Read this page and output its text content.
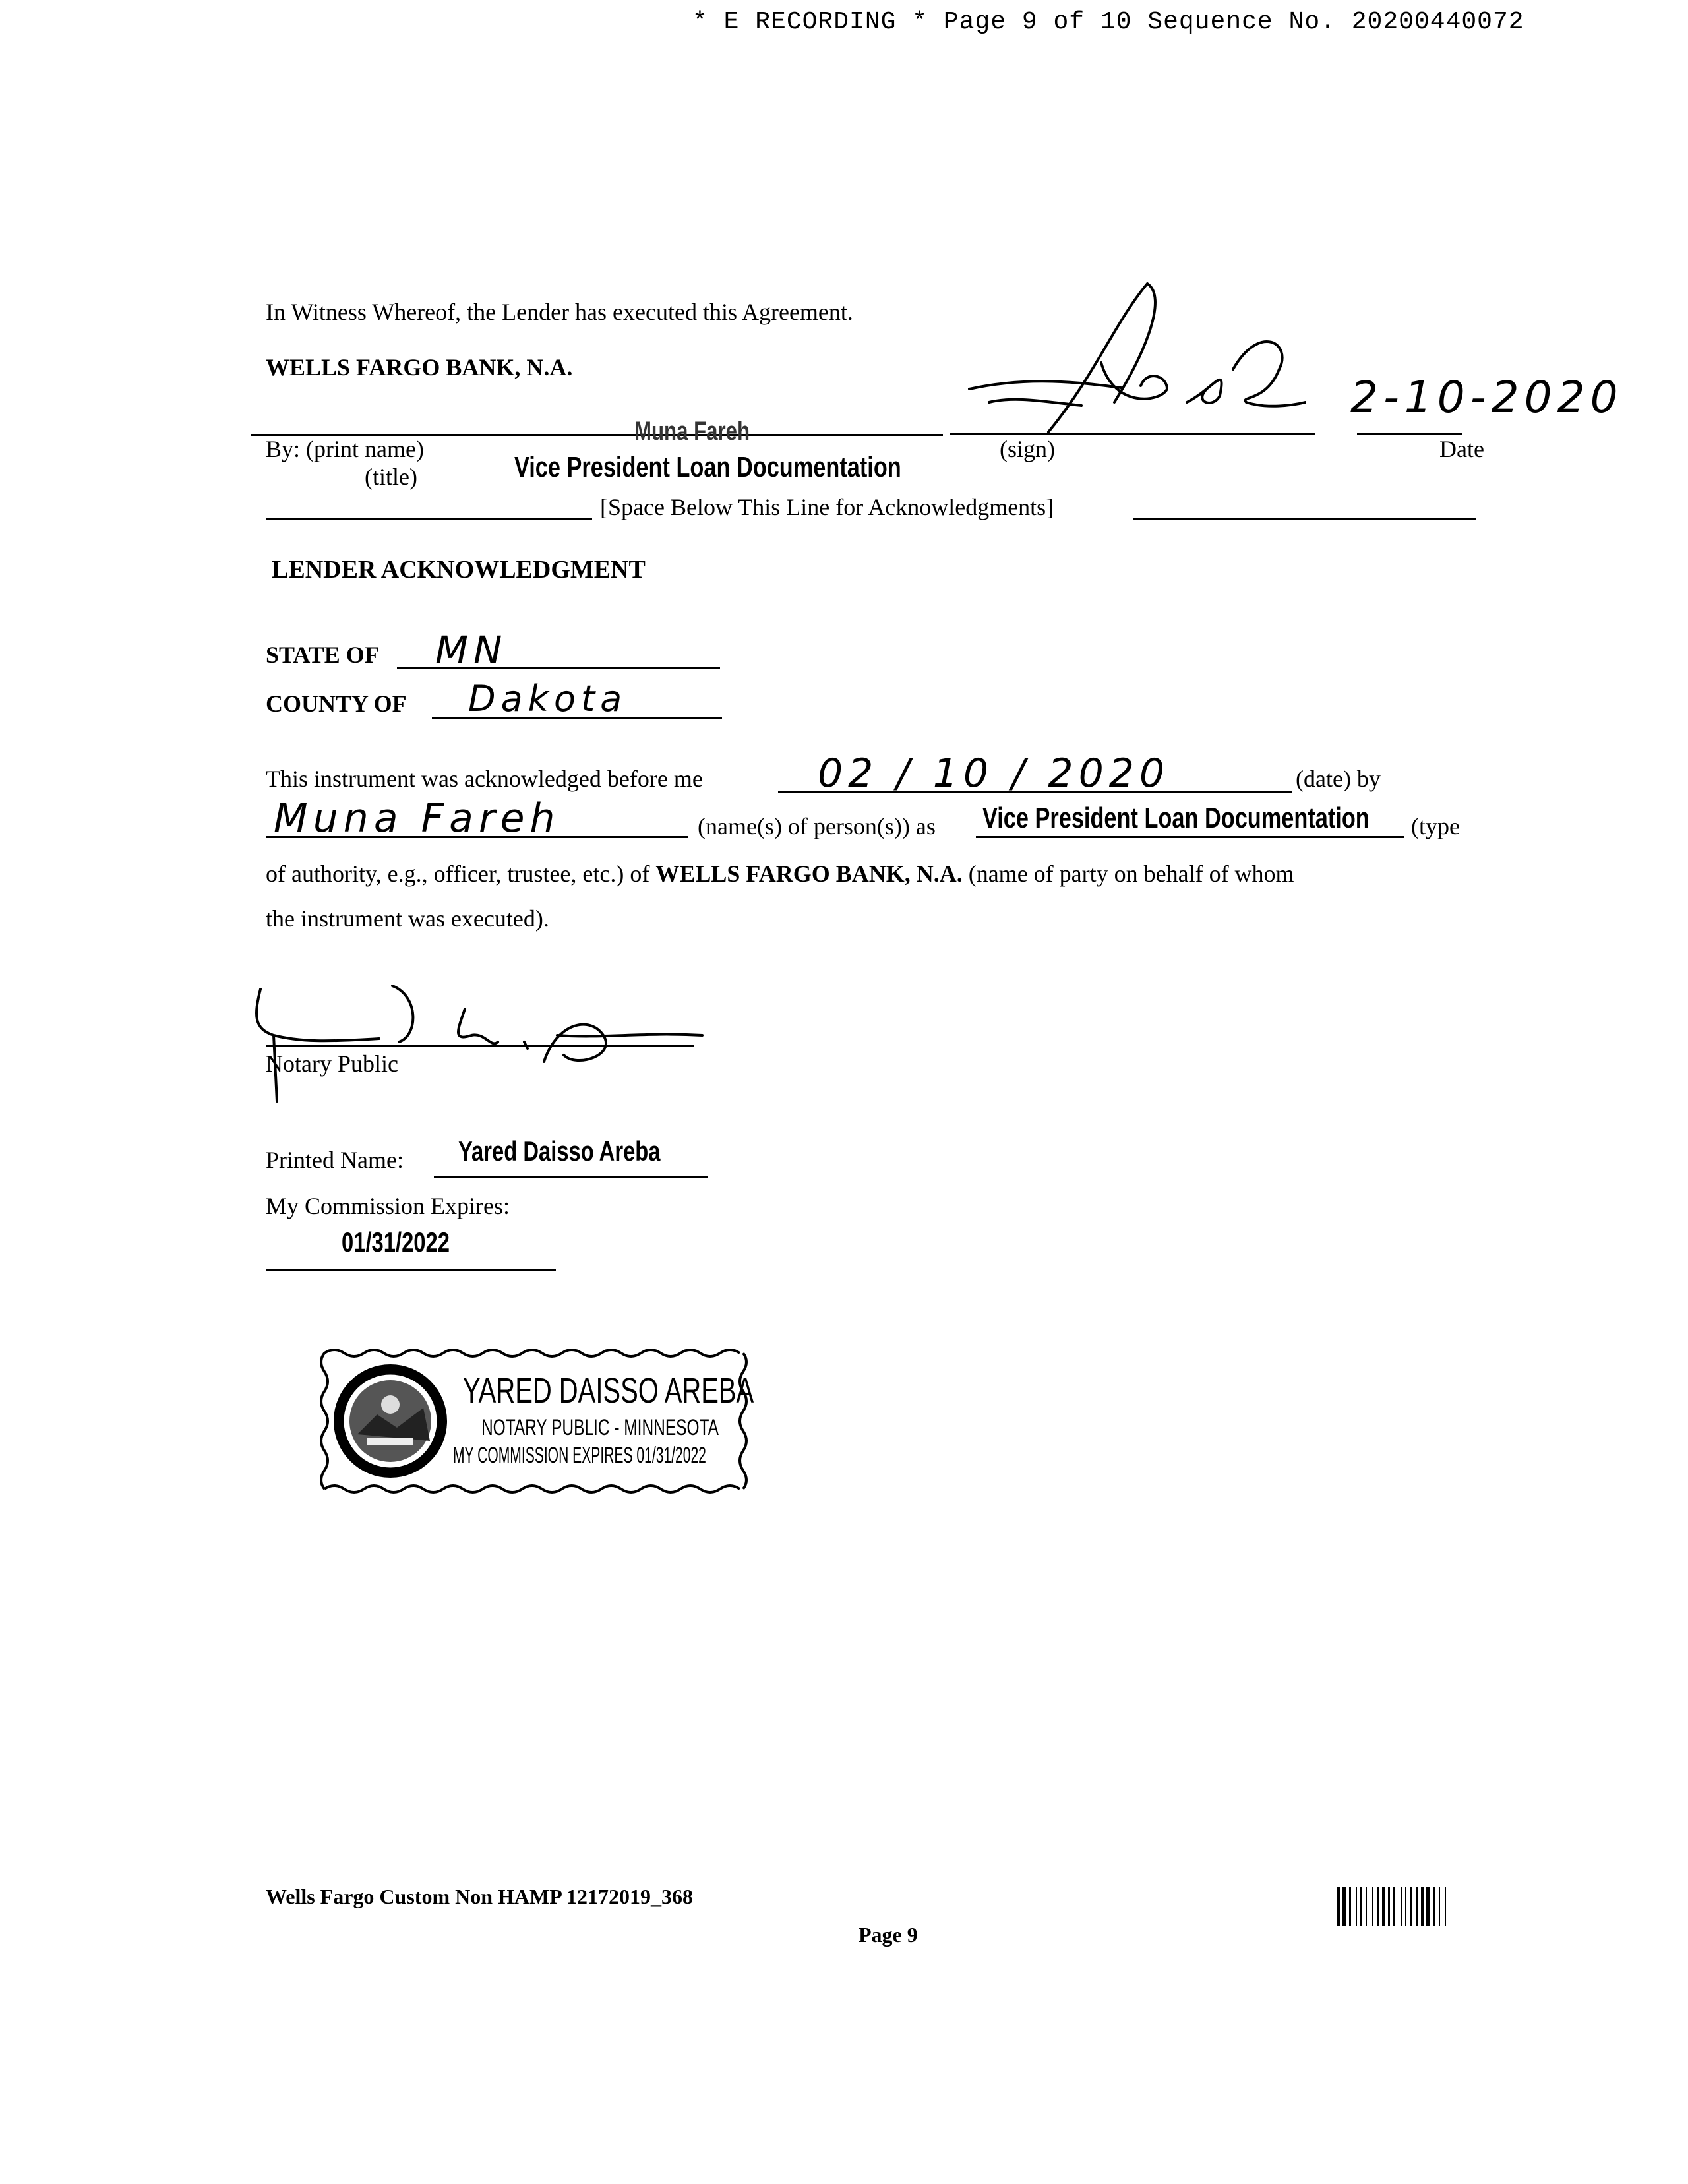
* E RECORDING * Page 9 of 10 Sequence No. 20200440072
In Witness Whereof, the Lender has executed this Agreement.
WELLS FARGO BANK, N.A.
Muna Fareh
By: (print name)
(title)	Vice President Loan Documentation
(sign)
2-10-2020
Date
[Space Below This Line for Acknowledgments]
LENDER ACKNOWLEDGMENT
STATE OF MN
COUNTY OF Dakota
This instrument was acknowledged before me	02 / 10 / 2020	(date) by
Muna Fareh	(name(s) of person(s)) as Vice President Loan Documentation (type
of authority, e.g., officer, trustee, etc.) of WELLS FARGO BANK, N.A. (name of party on behalf of whom
the instrument was executed).
Notary Public
Printed Name: Yared Daisso Areba
My Commission Expires:
01/31/2022
YARED DAISSO AREBA
NOTARY PUBLIC - MINNESOTA
MY COMMISSION EXPIRES 01/31/2022
Wells Fargo Custom Non HAMP 12172019_368
Page 9
